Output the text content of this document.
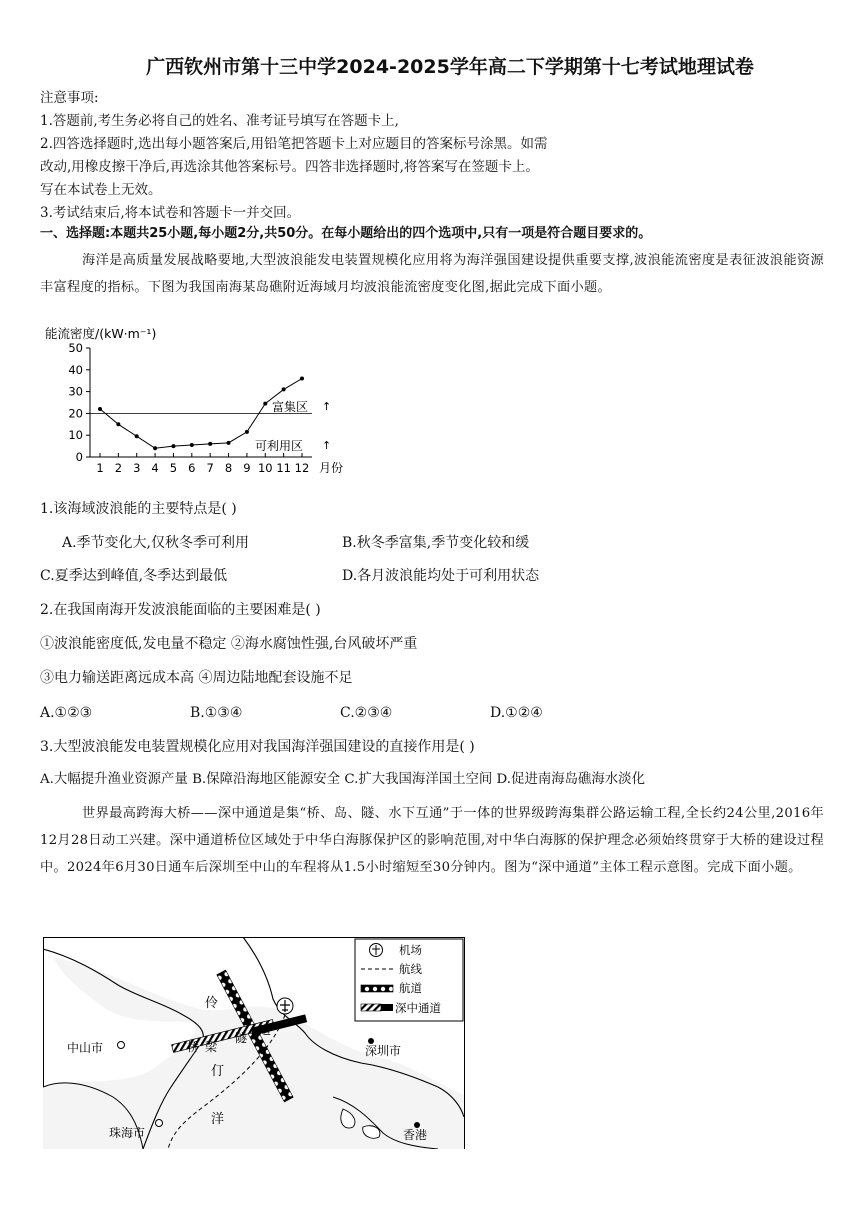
广西钦州市第十三中学2024-2025学年高二下学期第十七考试地理试卷
注意事项:
1.答题前,考生务必将自己的姓名、准考证号填写在答题卡上,
2.四答选择题时,选出每小题答案后,用铅笔把答题卡上对应题目的答案标号涂黑。如需
改动,用橡皮擦干净后,再选涂其他答案标号。四答非选择题时,将答案写在签题卡上。
写在本试卷上无效。
3.考试结束后,将本试卷和答题卡一并交回。
一、选择题:本题共25小题,每小题2分,共50分。在每小题给出的四个选项中,只有一项是符合题目要求的。
海洋是高质量发展战略要地,大型波浪能发电装置规模化应用将为海洋强国建设提供重要支撑,波浪能流密度是表征波浪能资源丰富程度的指标。下图为我国南海某岛礁附近海域月均波浪能流密度变化图,据此完成下面小题。
能流密度/(kW·m⁻¹)
0
10
20
30
40
50
1 2 3 4 5 6 7 8 9 10 11 12
富集区 ↑
可利用区 ↑
月份
1.该海域波浪能的主要特点是( )
A.季节变化大,仅秋冬季可利用	B.秋冬季富集,季节变化较和缓
C.夏季达到峰值,冬季达到最低	D.各月波浪能均处于可利用状态
2.在我国南海开发波浪能面临的主要困难是( )
①波浪能密度低,发电量不稳定 ②海水腐蚀性强,台风破坏严重
③电力输送距离远成本高 ④周边陆地配套设施不足
A.①②③	B.①③④	C.②③④	D.①②④
3.大型波浪能发电装置规模化应用对我国海洋强国建设的直接作用是( )
A.大幅提升渔业资源产量 B.保障沿海地区能源安全 C.扩大我国海洋国土空间 D.促进南海岛礁海水淡化
世界最高跨海大桥——深中通道是集“桥、岛、隧、水下互通”于一体的世界级跨海集群公路运输工程,全长约24公里,2016年12月28日动工兴建。深中通道桥位区域处于中华白海豚保护区的影响范围,对中华白海豚的保护理念必须始终贯穿于大桥的建设过程中。2024年6月30日通车后深圳至中山的车程将从1.5小时缩短至30分钟内。图为“深中通道”主体工程示意图。完成下面小题。
中山市	深圳市
珠海市	香港
伶
仃
洋
桥 梁
隧
道
机场
航线
航道
深中通道
